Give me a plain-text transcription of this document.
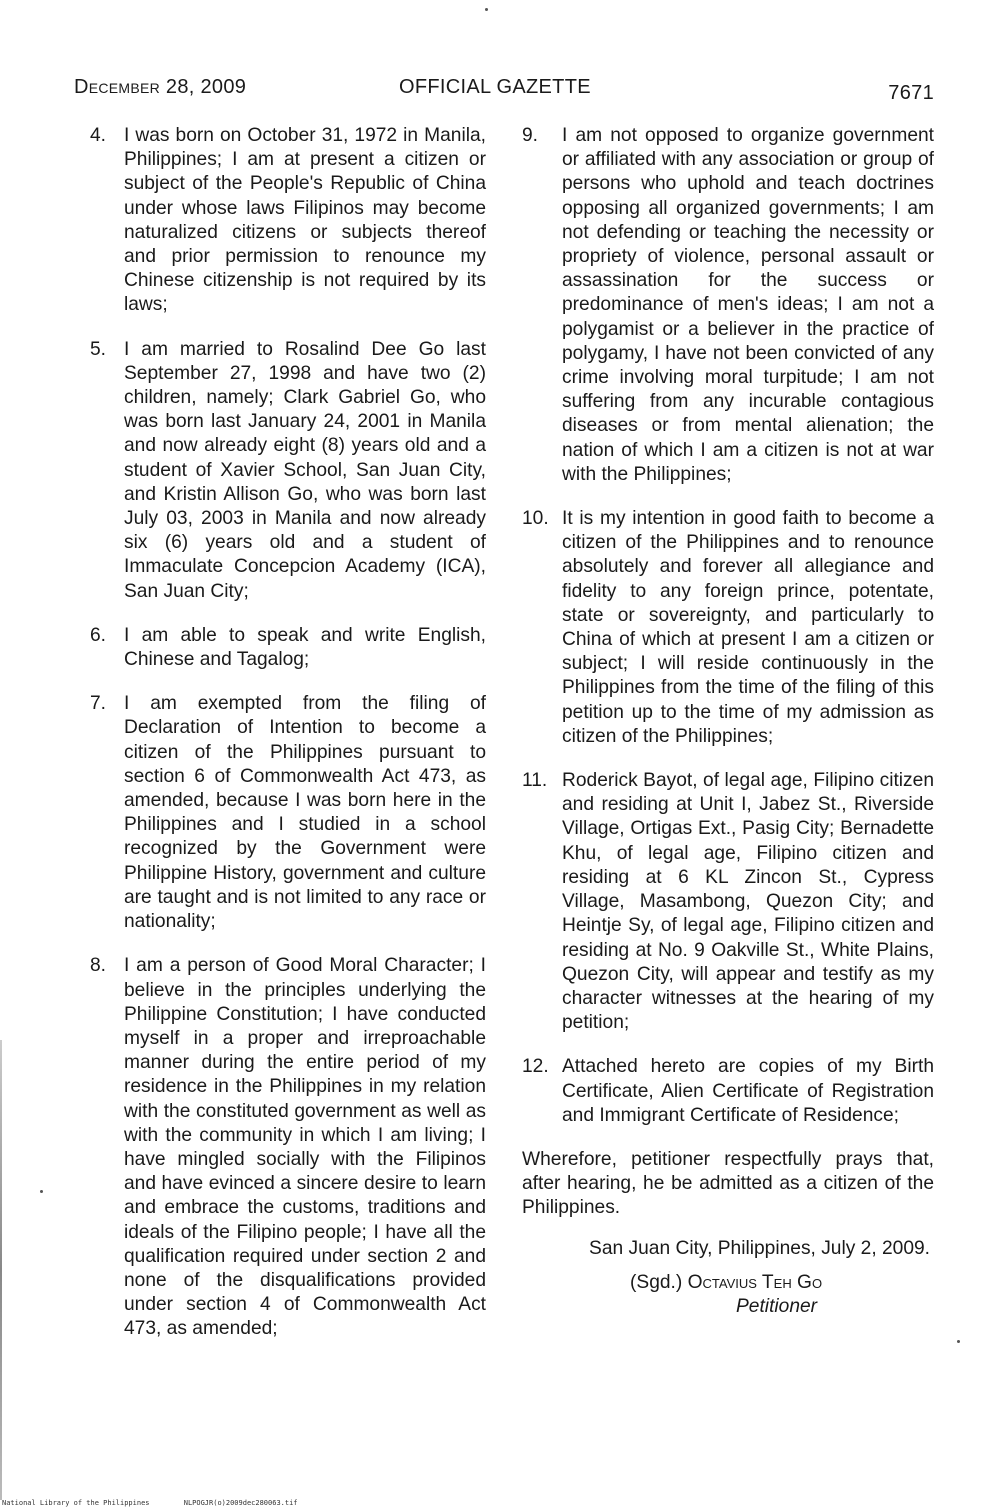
December 28, 2009	OFFICIAL GAZETTE	7671
4. I was born on October 31, 1972 in Manila, Philippines; I am at present a citizen or subject of the People's Republic of China under whose laws Filipinos may become naturalized citizens or subjects thereof and prior permission to renounce my Chinese citizenship is not required by its laws;
5. I am married to Rosalind Dee Go last September 27, 1998 and have two (2) children, namely; Clark Gabriel Go, who was born last January 24, 2001 in Manila and now already eight (8) years old and a student of Xavier School, San Juan City, and Kristin Allison Go, who was born last July 03, 2003 in Manila and now already six (6) years old and a student of Immaculate Concepcion Academy (ICA), San Juan City;
6. I am able to speak and write English, Chinese and Tagalog;
7. I am exempted from the filing of Declaration of Intention to become a citizen of the Philippines pursuant to section 6 of Commonwealth Act 473, as amended, because I was born here in the Philippines and I studied in a school recognized by the Government were Philippine History, government and culture are taught and is not limited to any race or nationality;
8. I am a person of Good Moral Character; I believe in the principles underlying the Philippine Constitution; I have conducted myself in a proper and irreproachable manner during the entire period of my residence in the Philippines in my relation with the constituted government as well as with the community in which I am living; I have mingled socially with the Filipinos and have evinced a sincere desire to learn and embrace the customs, traditions and ideals of the Filipino people; I have all the qualification required under section 2 and none of the disqualifications provided under section 4 of Commonwealth Act 473, as amended;
9. I am not opposed to organize government or affiliated with any association or group of persons who uphold and teach doctrines opposing all organized governments; I am not defending or teaching the necessity or propriety of violence, personal assault or assassination for the success or predominance of men's ideas; I am not a polygamist or a believer in the practice of polygamy, I have not been convicted of any crime involving moral turpitude; I am not suffering from any incurable contagious diseases or from mental alienation; the nation of which I am a citizen is not at war with the Philippines;
10. It is my intention in good faith to become a citizen of the Philippines and to renounce absolutely and forever all allegiance and fidelity to any foreign prince, potentate, state or sovereignty, and particularly to China of which at present I am a citizen or subject; I will reside continuously in the Philippines from the time of the filing of this petition up to the time of my admission as citizen of the Philippines;
11. Roderick Bayot, of legal age, Filipino citizen and residing at Unit I, Jabez St., Riverside Village, Ortigas Ext., Pasig City; Bernadette Khu, of legal age, Filipino citizen and residing at 6 KL Zincon St., Cypress Village, Masambong, Quezon City; and Heintje Sy, of legal age, Filipino citizen and residing at No. 9 Oakville St., White Plains, Quezon City, will appear and testify as my character witnesses at the hearing of my petition;
12. Attached hereto are copies of my Birth Certificate, Alien Certificate of Registration and Immigrant Certificate of Residence;
Wherefore, petitioner respectfully prays that, after hearing, he be admitted as a citizen of the Philippines.
San Juan City, Philippines, July 2, 2009.
(Sgd.) Octavius Teh Go
Petitioner
National Library of the Philippines	NLPOGJR(o)2009dec28006З.tif
